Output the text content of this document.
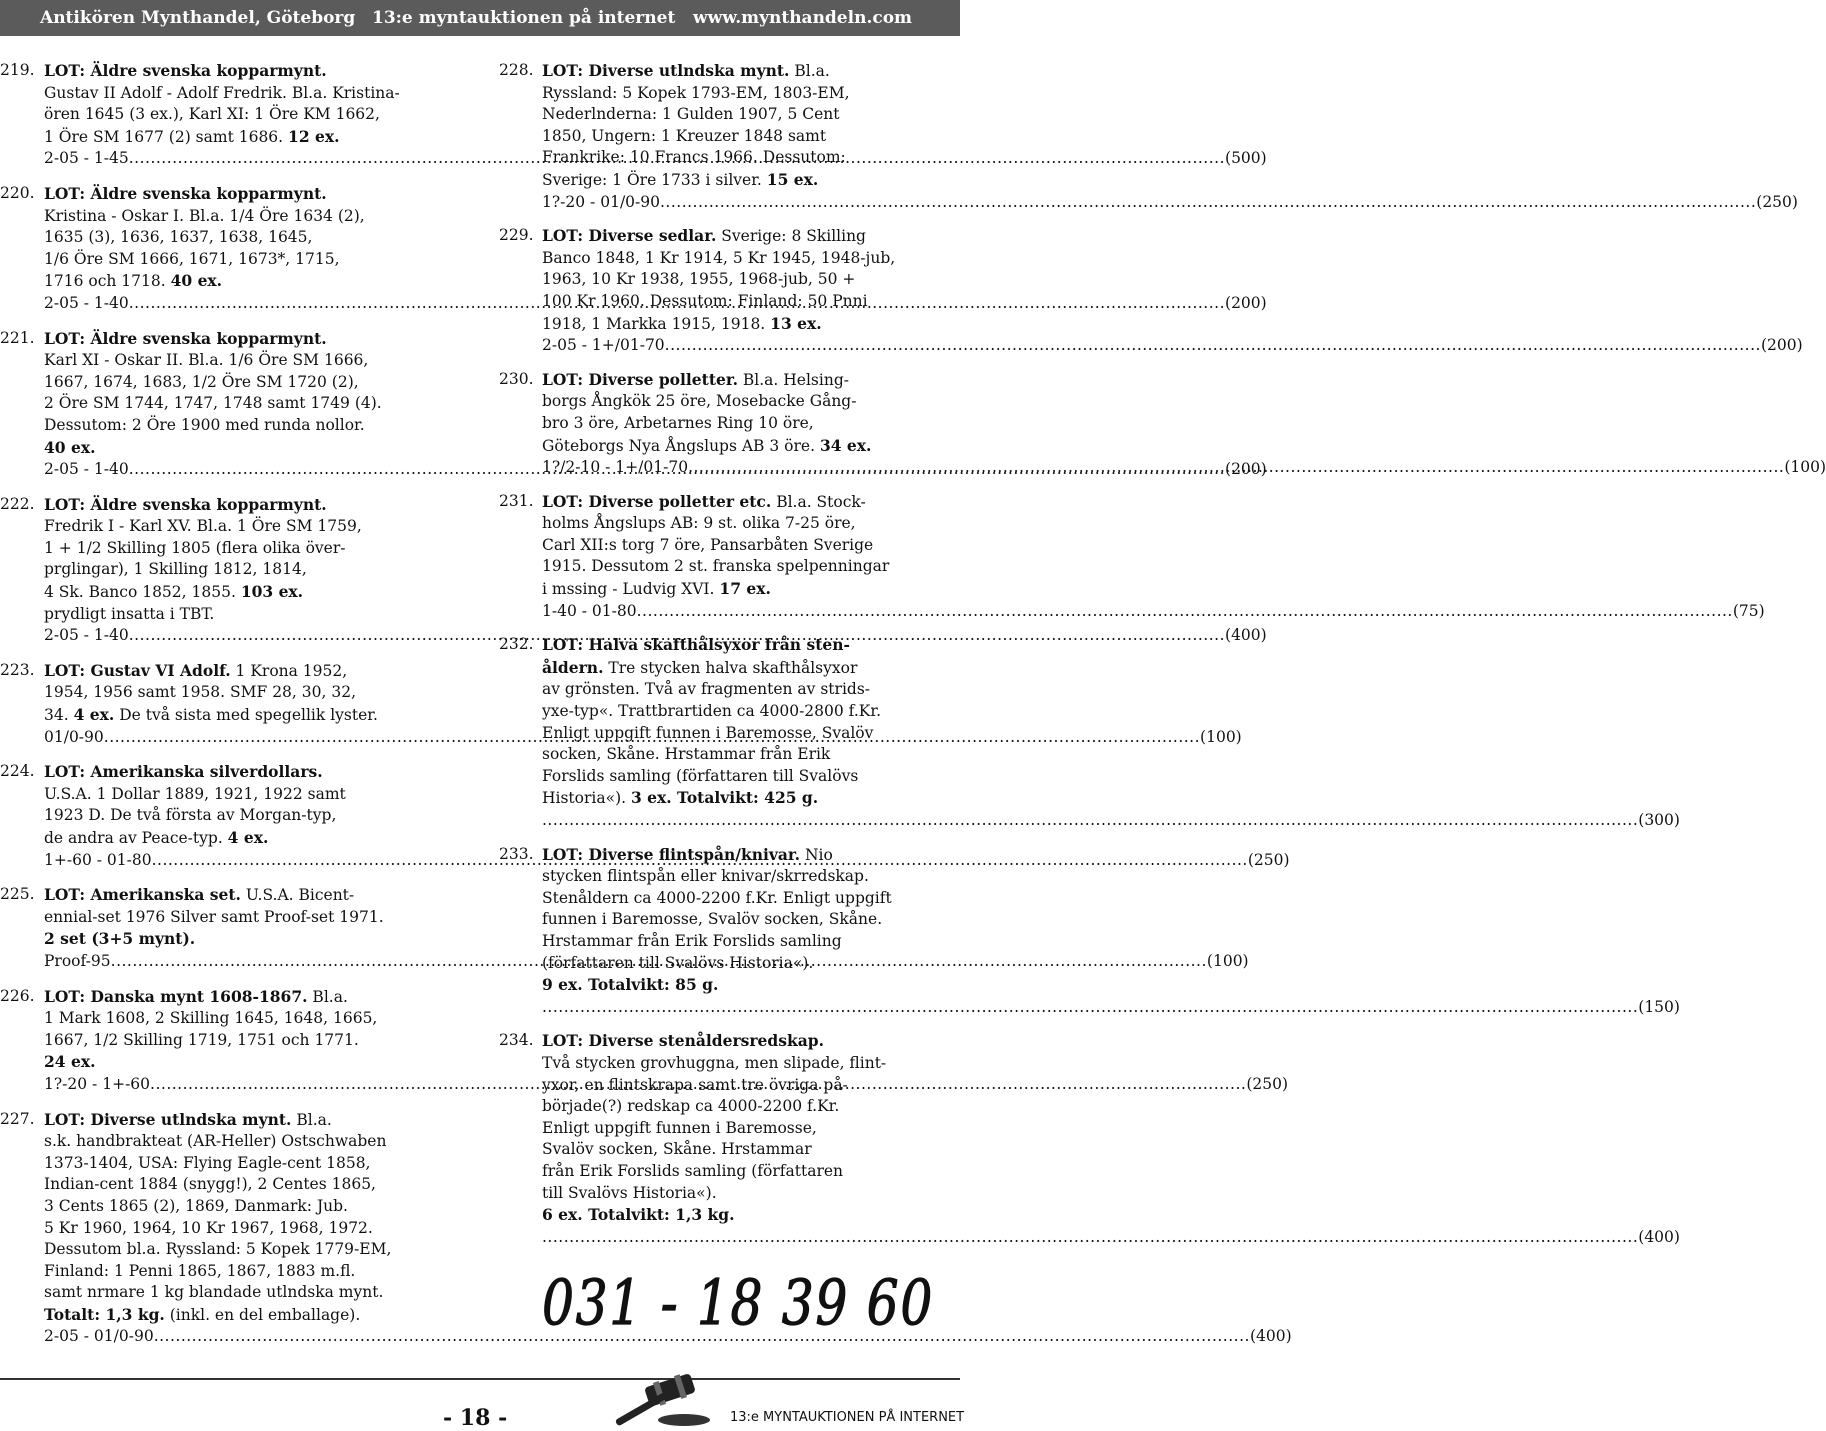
Antikören Mynthandel, Göteborg 13:e myntauktionen på internet www.mynthandeln.com
219. LOT: Äldre svenska kopparmynt.
Gustav II Adolf - Adolf Fredrik. Bl.a. Kristina-
ören 1645 (3 ex.), Karl XI: 1 Öre KM 1662,
1 Öre SM 1677 (2) samt 1686. 12 ex.
2-05 - 1-45 .....	(500)
220. LOT: Äldre svenska kopparmynt.
Kristina - Oskar I. Bl.a. 1/4 Öre 1634 (2),
1635 (3), 1636, 1637, 1638, 1645,
1/6 Öre SM 1666, 1671, 1673*, 1715,
1716 och 1718. 40 ex.
2-05 - 1-40 .....	(200)
221. LOT: Äldre svenska kopparmynt.
Karl XI - Oskar II. Bl.a. 1/6 Öre SM 1666,
1667, 1674, 1683, 1/2 Öre SM 1720 (2),
2 Öre SM 1744, 1747, 1748 samt 1749 (4).
Dessutom: 2 Öre 1900 med runda nollor.
40 ex.
2-05 - 1-40 .....	(200)
222. LOT: Äldre svenska kopparmynt.
Fredrik I - Karl XV. Bl.a. 1 Öre SM 1759,
1 + 1/2 Skilling 1805 (flera olika över-
prglingar), 1 Skilling 1812, 1814,
4 Sk. Banco 1852, 1855. 103 ex.
prydligt insatta i TBT.
2-05 - 1-40 .....	(400)
223. LOT: Gustav VI Adolf. 1 Krona 1952,
1954, 1956 samt 1958. SMF 28, 30, 32,
34. 4 ex. De två sista med spegellik lyster.
01/0-90 .....	(100)
224. LOT: Amerikanska silverdollars.
U.S.A. 1 Dollar 1889, 1921, 1922 samt
1923 D. De två första av Morgan-typ,
de andra av Peace-typ. 4 ex.
1+-60 - 01-80 .....	(250)
225. LOT: Amerikanska set. U.S.A. Bicent-
ennial-set 1976 Silver samt Proof-set 1971.
2 set (3+5 mynt).
Proof-95 .....	(100)
226. LOT: Danska mynt 1608-1867. Bl.a.
1 Mark 1608, 2 Skilling 1645, 1648, 1665,
1667, 1/2 Skilling 1719, 1751 och 1771.
24 ex.
1?-20 - 1+-60 .....	(250)
227. LOT: Diverse utlndska mynt. Bl.a.
s.k. handbrakteat (AR-Heller) Ostschwaben
1373-1404, USA: Flying Eagle-cent 1858,
Indian-cent 1884 (snygg!), 2 Centes 1865,
3 Cents 1865 (2), 1869, Danmark: Jub.
5 Kr 1960, 1964, 10 Kr 1967, 1968, 1972.
Dessutom bl.a. Ryssland: 5 Kopek 1779-EM,
Finland: 1 Penni 1865, 1867, 1883 m.fl.
samt nrmare 1 kg blandade utlndska mynt.
Totalt: 1,3 kg. (inkl. en del emballage).
2-05 - 01/0-90 .....	(400)
228. LOT: Diverse utlndska mynt. Bl.a.
Ryssland: 5 Kopek 1793-EM, 1803-EM,
Nederlnderna: 1 Gulden 1907, 5 Cent
1850, Ungern: 1 Kreuzer 1848 samt
Frankrike: 10 Francs 1966. Dessutom:
Sverige: 1 Öre 1733 i silver. 15 ex.
1?-20 - 01/0-90 .....	(250)
229. LOT: Diverse sedlar. Sverige: 8 Skilling
Banco 1848, 1 Kr 1914, 5 Kr 1945, 1948-jub,
1963, 10 Kr 1938, 1955, 1968-jub, 50 +
100 Kr 1960. Dessutom: Finland: 50 Pnni
1918, 1 Markka 1915, 1918. 13 ex.
2-05 - 1+/01-70 .....	(200)
230. LOT: Diverse polletter. Bl.a. Helsing-
borgs Ångkök 25 öre, Mosebacke Gång-
bro 3 öre, Arbetarnes Ring 10 öre,
Göteborgs Nya Ångslups AB 3 öre. 34 ex.
1?/2-10 - 1+/01-70 .....	(100)
231. LOT: Diverse polletter etc. Bl.a. Stock-
holms Ångslups AB: 9 st. olika 7-25 öre,
Carl XII:s torg 7 öre, Pansarbåten Sverige
1915. Dessutom 2 st. franska spelpenningar
i mssing - Ludvig XVI. 17 ex.
1-40 - 01-80 .....	(75)
232. LOT: Halva skafthålsyxor från sten-
åldern. Tre stycken halva skafthålsyxor
av grönsten. Två av fragmenten av strids-
yxe-typ«. Trattbrartiden ca 4000-2800 f.Kr.
Enligt uppgift funnen i Baremosse, Svalöv
socken, Skåne. Hrstammar från Erik
Forslids samling (författaren till Svalövs
Historia«). 3 ex. Totalvikt: 425 g.
.....
(300)
233. LOT: Diverse flintspån/knivar. Nio
stycken flintspån eller knivar/skrredskap.
Stenåldern ca 4000-2200 f.Kr. Enligt uppgift
funnen i Baremosse, Svalöv socken, Skåne.
Hrstammar från Erik Forslids samling
(författaren till Svalövs Historia«).
9 ex. Totalvikt: 85 g.
.....
(150)
234. LOT: Diverse stenåldersredskap.
Två stycken grovhuggna, men slipade, flint-
yxor, en flintskrapa samt tre övriga på-
började(?) redskap ca 4000-2200 f.Kr.
Enligt uppgift funnen i Baremosse,
Svalöv socken, Skåne. Hrstammar
från Erik Forslids samling (författaren
till Svalövs Historia«).
6 ex. Totalvikt: 1,3 kg.
.....
(400)
031 - 18 39 60
- 18 -	13:e MYNTAUKTIONEN PÅ INTERNET
